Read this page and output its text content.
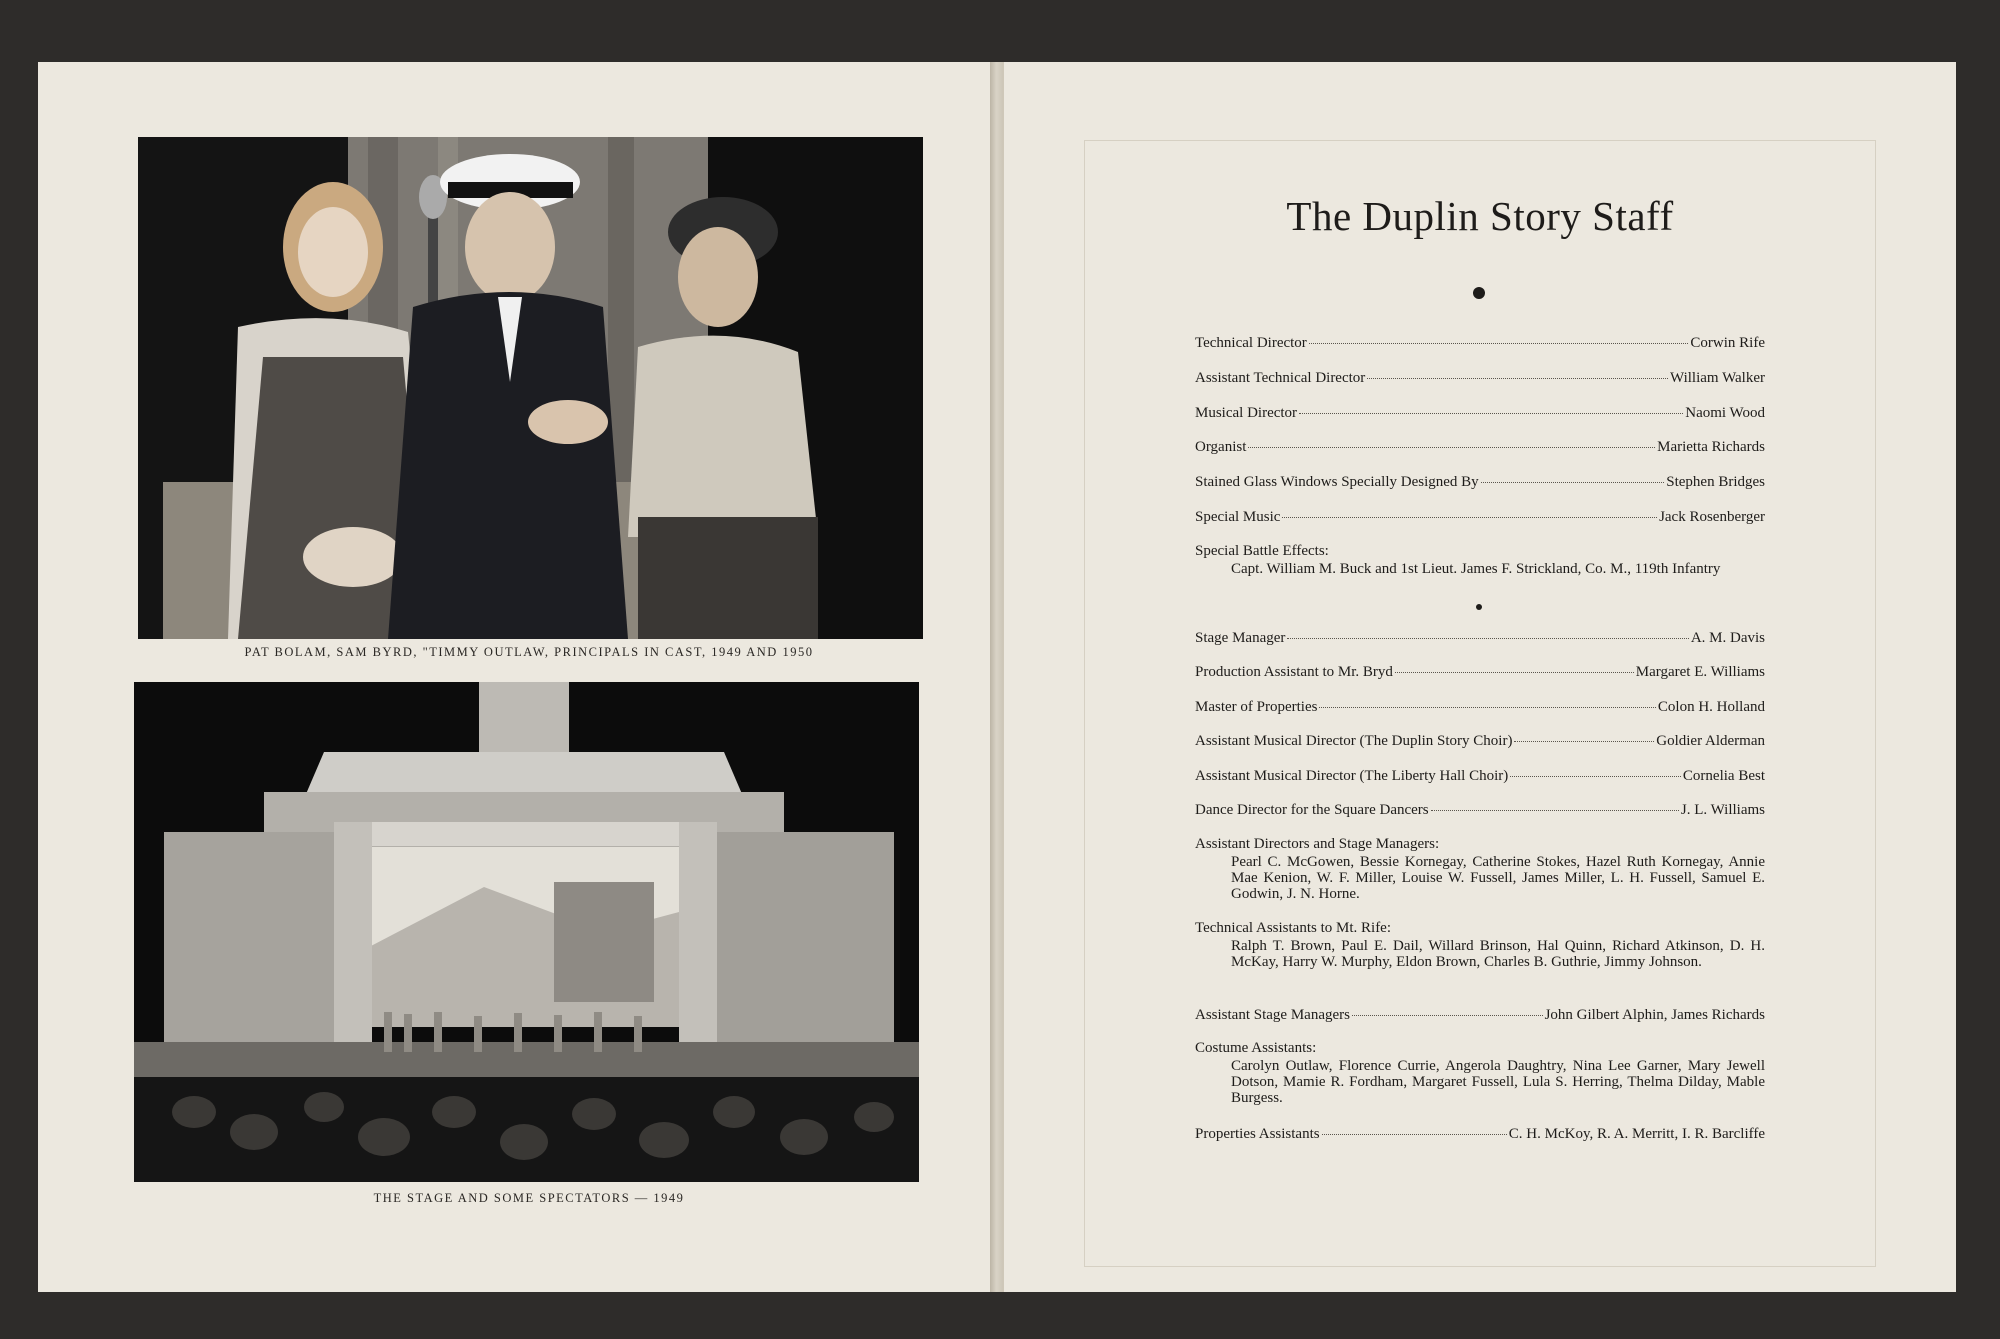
PAT BOLAM, SAM BYRD, "TIMMY OUTLAW, PRINCIPALS IN CAST, 1949 AND 1950
THE STAGE AND SOME SPECTATORS — 1949
The Duplin Story Staff
Technical Director	Corwin Rife
Assistant Technical Director	William Walker
Musical Director	Naomi Wood
Organist	Marietta Richards
Stained Glass Windows Specially Designed By	Stephen Bridges
Special Music	Jack Rosenberger
Special Battle Effects:
Capt. William M. Buck and 1st Lieut. James F. Strickland, Co. M., 119th Infantry
Stage Manager	A. M. Davis
Production Assistant to Mr. Bryd	Margaret E. Williams
Master of Properties	Colon H. Holland
Assistant Musical Director (The Duplin Story Choir)	Goldier Alderman
Assistant Musical Director (The Liberty Hall Choir)	Cornelia Best
Dance Director for the Square Dancers	J. L. Williams
Assistant Directors and Stage Managers:
Pearl C. McGowen, Bessie Kornegay, Catherine Stokes, Hazel Ruth Kornegay, Annie Mae Kenion, W. F. Miller, Louise W. Fussell, James Miller, L. H. Fussell, Samuel E. Godwin, J. N. Horne.
Technical Assistants to Mt. Rife:
Ralph T. Brown, Paul E. Dail, Willard Brinson, Hal Quinn, Richard Atkinson, D. H. McKay, Harry W. Murphy, Eldon Brown, Charles B. Guthrie, Jimmy Johnson.
Assistant Stage Managers	John Gilbert Alphin, James Richards
Costume Assistants:
Carolyn Outlaw, Florence Currie, Angerola Daughtry, Nina Lee Garner, Mary Jewell Dotson, Mamie R. Fordham, Margaret Fussell, Lula S. Herring, Thelma Dilday, Mable Burgess.
Properties Assistants	C. H. McKoy, R. A. Merritt, I. R. Barcliffe
